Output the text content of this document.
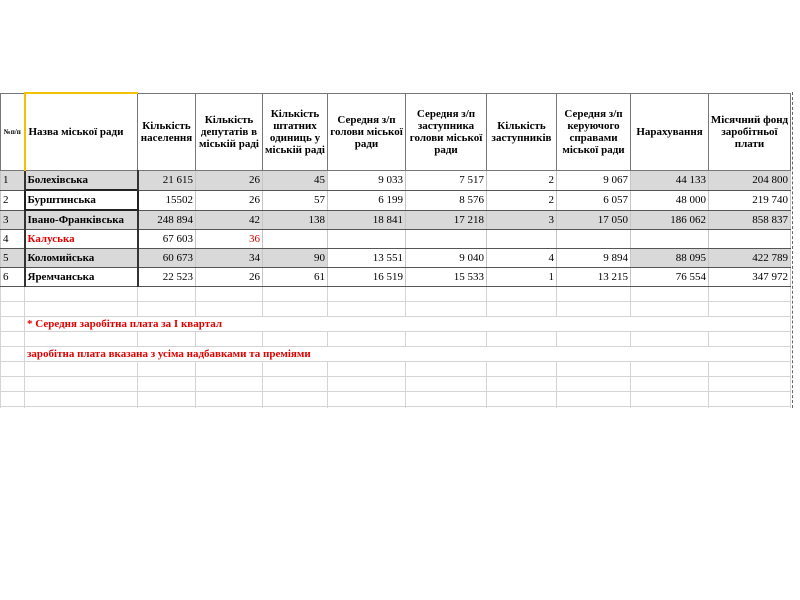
№п/п	Назва міської ради	Кількість населення	Кількість депутатів в міській раді	Кількість штатних одиниць у міській раді	Середня з/п голови міської ради	Середня з/п заступника голови міської ради	Кількість заступників	Середня з/п керуючого справами міської ради	Нарахування	Місячний фонд заробітньої плати
1	Болехівська	21 615	26	45	9 033	7 517	2	9 067	44 133	204 800
2	Бурштинська	15502	26	57	6 199	8 576	2	6 057	48 000	219 740
3	Івано-Франківська	248 894	42	138	18 841	17 218	3	17 050	186 062	858 837
4	Калуська	67 603	36							
5	Коломийська	60 673	34	90	13 551	9 040	4	9 894	88 095	422 789
6	Яремчанська	22 523	26	61	16 519	15 533	1	13 215	76 554	347 972

	* Середня заробітна плата за І квартал									

	заробітна плата вказана з усіма надбавками та преміями									
